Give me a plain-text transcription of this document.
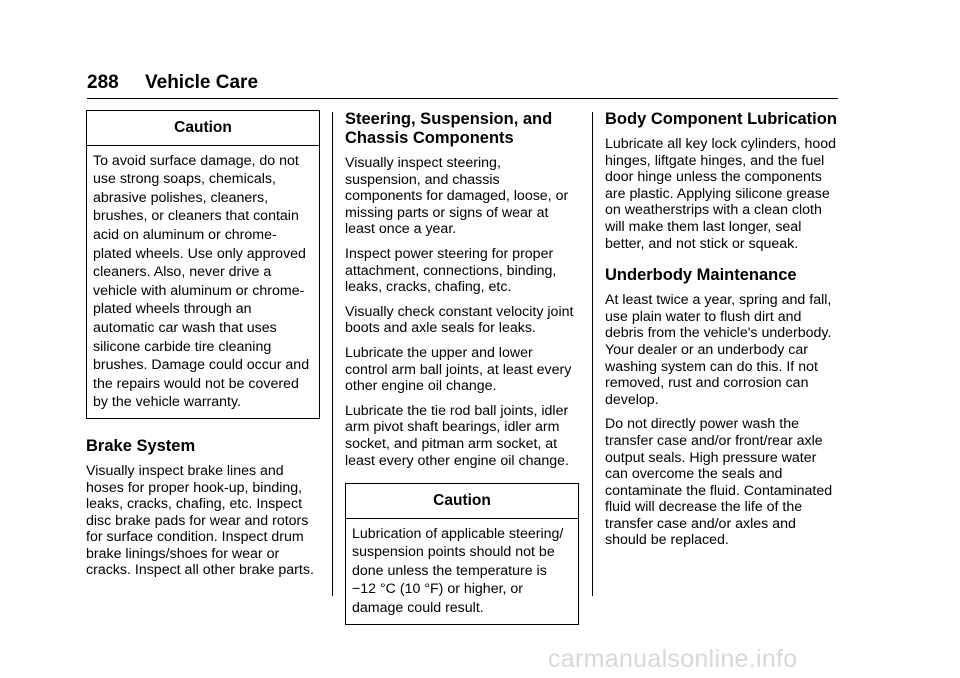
288 Vehicle Care
Caution
To avoid surface damage, do not use strong soaps, chemicals, abrasive polishes, cleaners, brushes, or cleaners that contain acid on aluminum or chrome-plated wheels. Use only approved cleaners. Also, never drive a vehicle with aluminum or chrome-plated wheels through an automatic car wash that uses silicone carbide tire cleaning brushes. Damage could occur and the repairs would not be covered by the vehicle warranty.
Brake System

Visually inspect brake lines and hoses for proper hook-up, binding, leaks, cracks, chafing, etc. Inspect disc brake pads for wear and rotors for surface condition. Inspect drum brake linings/shoes for wear or cracks. Inspect all other brake parts.

Steering, Suspension, and Chassis Components

Visually inspect steering, suspension, and chassis components for damaged, loose, or missing parts or signs of wear at least once a year.

Inspect power steering for proper attachment, connections, binding, leaks, cracks, chafing, etc.

Visually check constant velocity joint boots and axle seals for leaks.

Lubricate the upper and lower control arm ball joints, at least every other engine oil change.

Lubricate the tie rod ball joints, idler arm pivot shaft bearings, idler arm socket, and pitman arm socket, at least every other engine oil change.

Caution
Lubrication of applicable steering/ suspension points should not be done unless the temperature is −12 °C (10 °F) or higher, or damage could result.
Body Component Lubrication

Lubricate all key lock cylinders, hood hinges, liftgate hinges, and the fuel door hinge unless the components are plastic. Applying silicone grease on weatherstrips with a clean cloth will make them last longer, seal better, and not stick or squeak.

Underbody Maintenance

At least twice a year, spring and fall, use plain water to flush dirt and debris from the vehicle's underbody. Your dealer or an underbody car washing system can do this. If not removed, rust and corrosion can develop.

Do not directly power wash the transfer case and/or front/rear axle output seals. High pressure water can overcome the seals and contaminate the fluid. Contaminated fluid will decrease the life of the transfer case and/or axles and should be replaced.

carmanualsonline.info
